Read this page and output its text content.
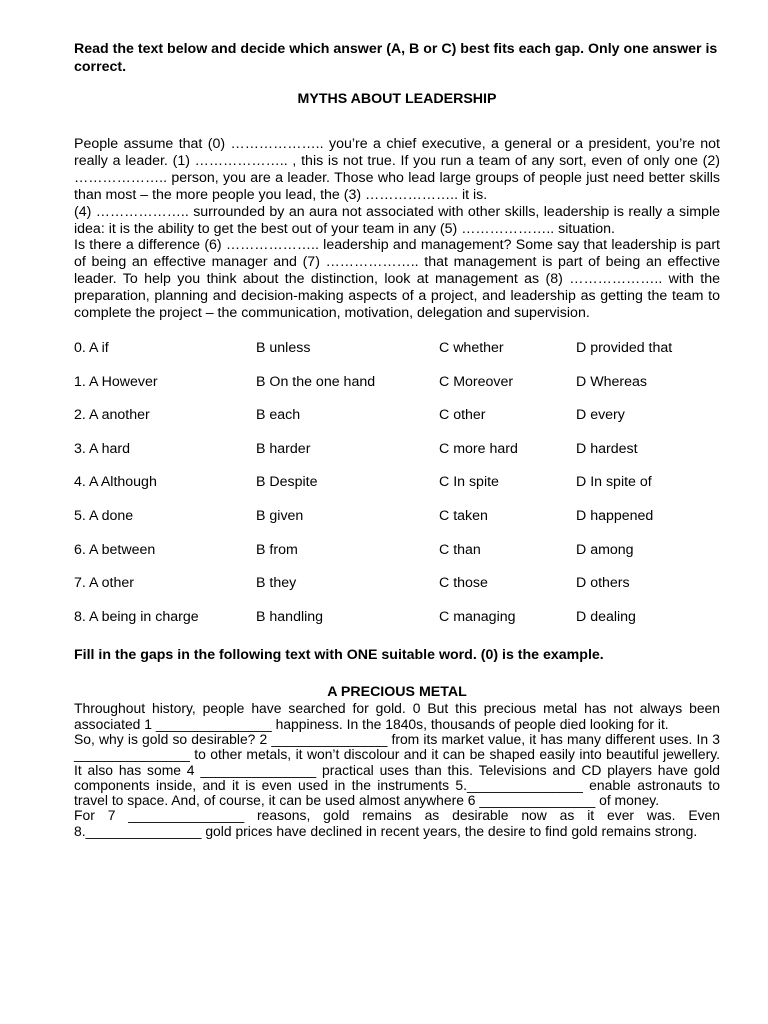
Read the text below and decide which answer (A, B or C) best fits each gap. Only one answer is correct.

MYTHS ABOUT LEADERSHIP

People assume that (0) ……………….. you’re a chief executive, a general or a president, you’re not really a leader. (1) ……………….. , this is not true. If you run a team of any sort, even of only one (2) ……………….. person, you are a leader. Those who lead large groups of people just need better skills than most – the more people you lead, the (3) ……………….. it is.

(4) ……………….. surrounded by an aura not associated with other skills, leadership is really a simple idea: it is the ability to get the best out of your team in any (5) ……………….. situation.

Is there a difference (6) ……………….. leadership and management? Some say that leadership is part of being an effective manager and (7) ……………….. that management is part of being an effective leader. To help you think about the distinction, look at management as (8) ……………….. with the preparation, planning and decision-making aspects of a project, and leadership as getting the team to complete the project – the communication, motivation, delegation and supervision.

0. A if	B unless	C whether	D provided that
1. A However	B On the one hand	C Moreover	D Whereas
2. A another	B each	C other	D every
3. A hard	B harder	C more hard	D hardest
4. A Although	B Despite	C In spite	D In spite of
5. A done	B given	C taken	D happened
6. A between	B from	C than	D among
7. A other	B they	C those	D others
8. A being in charge	B handling	C managing	D dealing

Fill in the gaps in the following text with ONE suitable word. (0) is the example.

A PRECIOUS METAL

Throughout history, people have searched for gold. 0 But this precious metal has not always been associated 1 _______________ happiness. In the 1840s, thousands of people died looking for it.

So, why is gold so desirable? 2 _______________ from its market value, it has many different uses. In 3 _______________ to other metals, it won’t discolour and it can be shaped easily into beautiful jewellery. It also has some 4 _______________ practical uses than this. Televisions and CD players have gold components inside, and it is even used in the instruments 5._______________ enable astronauts to travel to space. And, of course, it can be used almost anywhere 6 _______________ of money.

For 7 _______________ reasons, gold remains as desirable now as it ever was. Even 8._______________ gold prices have declined in recent years, the desire to find gold remains strong.
